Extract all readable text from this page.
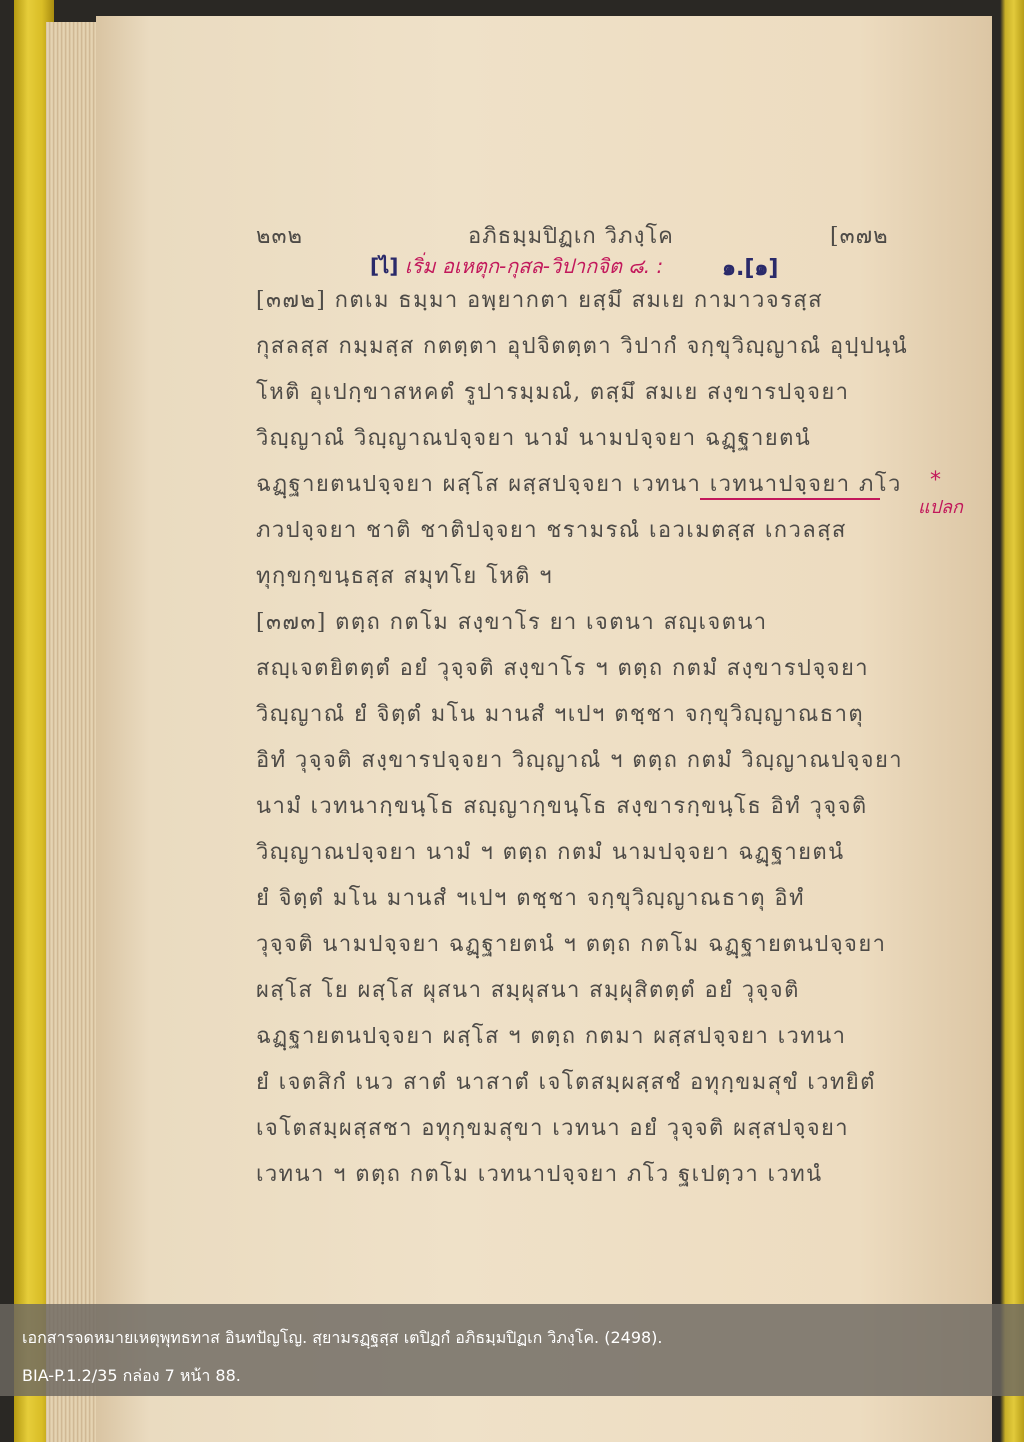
๒๓๒	อภิธมฺมปิฏเก วิภงฺโค	[๓๗๒
[ไ] เริ่ม อเหตุก-กุสล-วิปากจิต ๘. :	๑.[๑]
*
แปลก
[๓๗๒] กตเม ธมฺมา อพฺยากตา ยสฺมึ สมเย กามาวจรสฺส
กุสลสฺส กมฺมสฺส กตตฺตา อุปจิตตฺตา วิปากํ จกฺขุวิญฺญาณํ อุปฺปนฺนํ
โหติ อุเปกฺขาสหคตํ รูปารมฺมณํ, ตสฺมึ สมเย สงฺขารปจฺจยา
วิญฺญาณํ วิญฺญาณปจฺจยา นามํ นามปจฺจยา ฉฏฺฐายตนํ
ฉฏฺฐายตนปจฺจยา ผสฺโส ผสฺสปจฺจยา เวทนา เวทนาปจฺจยา ภโว
ภวปจฺจยา ชาติ ชาติปจฺจยา ชรามรณํ เอวเมตสฺส เกวลสฺส
ทุกฺขกฺขนฺธสฺส สมุทโย โหติ ฯ
[๓๗๓] ตตฺถ กตโม สงฺขาโร ยา เจตนา สญฺเจตนา
สญฺเจตยิตตฺตํ อยํ วุจฺจติ สงฺขาโร ฯ ตตฺถ กตมํ สงฺขารปจฺจยา
วิญฺญาณํ ยํ จิตฺตํ มโน มานสํ ฯเปฯ ตชฺชา จกฺขุวิญฺญาณธาตุ
อิทํ วุจฺจติ สงฺขารปจฺจยา วิญฺญาณํ ฯ ตตฺถ กตมํ วิญฺญาณปจฺจยา
นามํ เวทนากฺขนฺโธ สญฺญากฺขนฺโธ สงฺขารกฺขนฺโธ อิทํ วุจฺจติ
วิญฺญาณปจฺจยา นามํ ฯ ตตฺถ กตมํ นามปจฺจยา ฉฏฺฐายตนํ
ยํ จิตฺตํ มโน มานสํ ฯเปฯ ตชฺชา จกฺขุวิญฺญาณธาตุ อิทํ
วุจฺจติ นามปจฺจยา ฉฏฺฐายตนํ ฯ ตตฺถ กตโม ฉฏฺฐายตนปจฺจยา
ผสฺโส โย ผสฺโส ผุสนา สมฺผุสนา สมฺผุสิตตฺตํ อยํ วุจฺจติ
ฉฏฺฐายตนปจฺจยา ผสฺโส ฯ ตตฺถ กตมา ผสฺสปจฺจยา เวทนา
ยํ เจตสิกํ เนว สาตํ นาสาตํ เจโตสมฺผสฺสชํ อทุกฺขมสุขํ เวทยิตํ
เจโตสมฺผสฺสชา อทุกฺขมสุขา เวทนา อยํ วุจฺจติ ผสฺสปจฺจยา
เวทนา ฯ ตตฺถ กตโม เวทนาปจฺจยา ภโว ฐเปตฺวา เวทนํ
เอกสารจดหมายเหตุพุทธทาส อินทปัญโญ. สฺยามรฏฺฐสฺส เตปิฏกํ อภิธมฺมปิฏเก วิภงฺโค. (2498).
BIA-P.1.2/35 กล่อง 7 หน้า 88.
